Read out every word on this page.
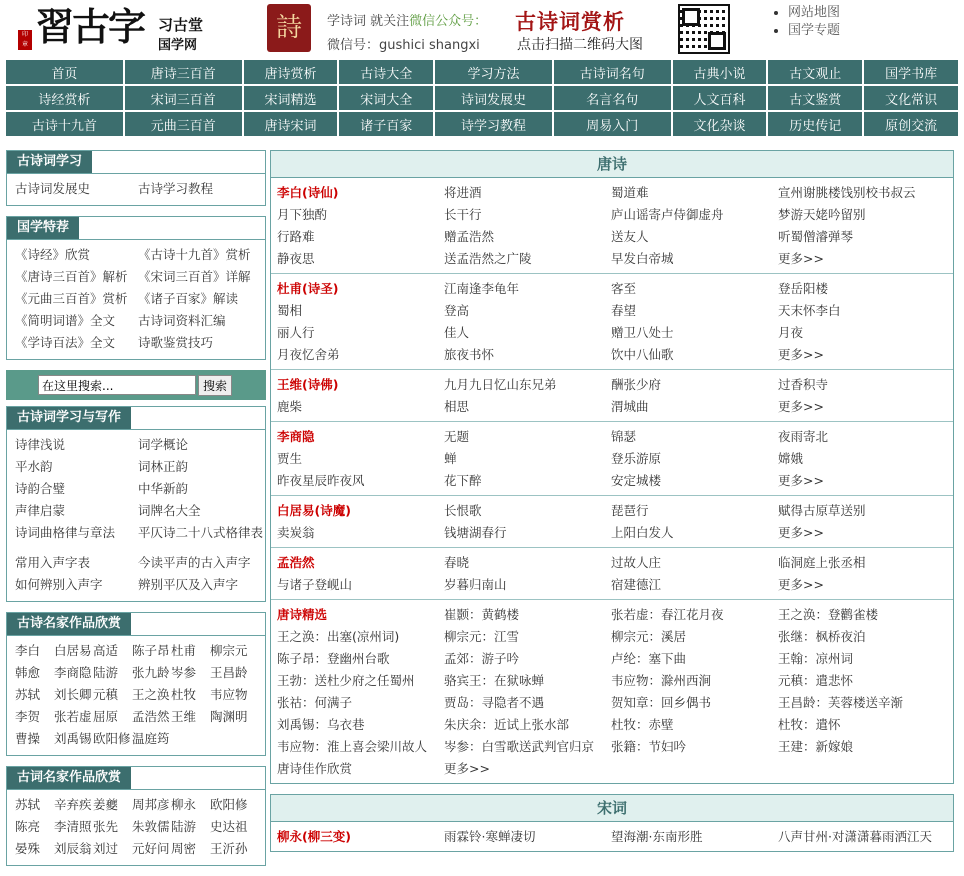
印
章 習古字 习古堂
国学网
詩	学诗词 就关注微信公众号：
微信号：gushici shangxi
古诗词赏析
点击扫描二维码大图
• 网站地图
• 国学专题
首页	唐诗三百首	唐诗赏析	古诗大全	学习方法	古诗词名句	古典小说	古文观止	国学书库
诗经赏析	宋词三百首	宋词精选	宋词大全	诗词发展史	名言名句	人文百科	古文鉴赏	文化常识
古诗十九首	元曲三百首	唐诗宋词	诸子百家	诗学习教程	周易入门	文化杂谈	历史传记	原创交流
古诗词学习
古诗词发展史	古诗学习教程
国学特荐
《诗经》欣赏	《古诗十九首》赏析
《唐诗三百首》解析 《宋词三百首》详解
《元曲三百首》赏析 《诸子百家》解读
《简明词谱》全文	古诗词资料汇编
《学诗百法》全文	诗歌鉴赏技巧
在这里搜索...
搜索
古诗词学习与写作
诗律浅说	词学概论
平水韵	词林正韵
诗韵合璧	中华新韵
声律启蒙	词牌名大全
诗词曲格律与章法	平仄诗二十八式格律表
常用入声字表	今读平声的古入声字
如何辨别入声字	辨别平仄及入声字
古诗名家作品欣赏
李白	白居易 高适	陈子昂 杜甫	柳宗元
韩愈	李商隐 陆游	张九龄 岑参	王昌龄
苏轼	刘长卿 元稹	王之涣 杜牧	韦应物
李贺	张若虚 屈原	孟浩然 王维	陶渊明
曹操	刘禹锡 欧阳修 温庭筠
古词名家作品欣赏
苏轼	辛弃疾 姜夔	周邦彦 柳永	欧阳修
陈亮	李清照 张先	朱敦儒 陆游	史达祖
晏殊	刘辰翁 刘过	元好问 周密	王沂孙
唐诗
李白(诗仙)	将进酒	蜀道难	宣州谢朓楼饯别校书叔云
月下独酌	长干行	庐山谣寄卢侍御虚舟	梦游天姥吟留别
行路难	赠孟浩然	送友人	听蜀僧濬弹琴
静夜思	送孟浩然之广陵	早发白帝城	更多>>
杜甫(诗圣)	江南逢李龟年	客至	登岳阳楼
蜀相	登高	春望	天末怀李白
丽人行	佳人	赠卫八处士	月夜
月夜忆舍弟	旅夜书怀	饮中八仙歌	更多>>
王维(诗佛)	九月九日忆山东兄弟	酬张少府	过香积寺
鹿柴	相思	渭城曲	更多>>
李商隐	无题	锦瑟	夜雨寄北
贾生	蝉	登乐游原	嫦娥
昨夜星辰昨夜风	花下醉	安定城楼	更多>>
白居易(诗魔)	长恨歌	琵琶行	赋得古原草送别
卖炭翁	钱塘湖春行	上阳白发人	更多>>
孟浩然	春晓	过故人庄	临洞庭上张丞相
与诸子登岘山	岁暮归南山	宿建德江	更多>>
唐诗精选	崔颢：黄鹤楼	张若虚：春江花月夜	王之涣：登鹳雀楼
王之涣：出塞(凉州词)	柳宗元：江雪	柳宗元：溪居	张继：枫桥夜泊
陈子昂：登幽州台歌	孟郊：游子吟	卢纶：塞下曲	王翰：凉州词
王勃：送杜少府之任蜀州	骆宾王：在狱咏蝉	韦应物：滁州西涧	元稹：遣悲怀
张祜：何满子	贾岛：寻隐者不遇	贺知章：回乡偶书	王昌龄：芙蓉楼送辛渐
刘禹锡：乌衣巷	朱庆余：近试上张水部	杜牧：赤壁	杜牧：遣怀
韦应物：淮上喜会梁川故人	岑参：白雪歌送武判官归京	张籍：节妇吟	王建：新嫁娘
唐诗佳作欣赏	更多>>
宋词
柳永(柳三变)	雨霖铃·寒蝉凄切	望海潮·东南形胜	八声甘州·对潇潇暮雨洒江天
